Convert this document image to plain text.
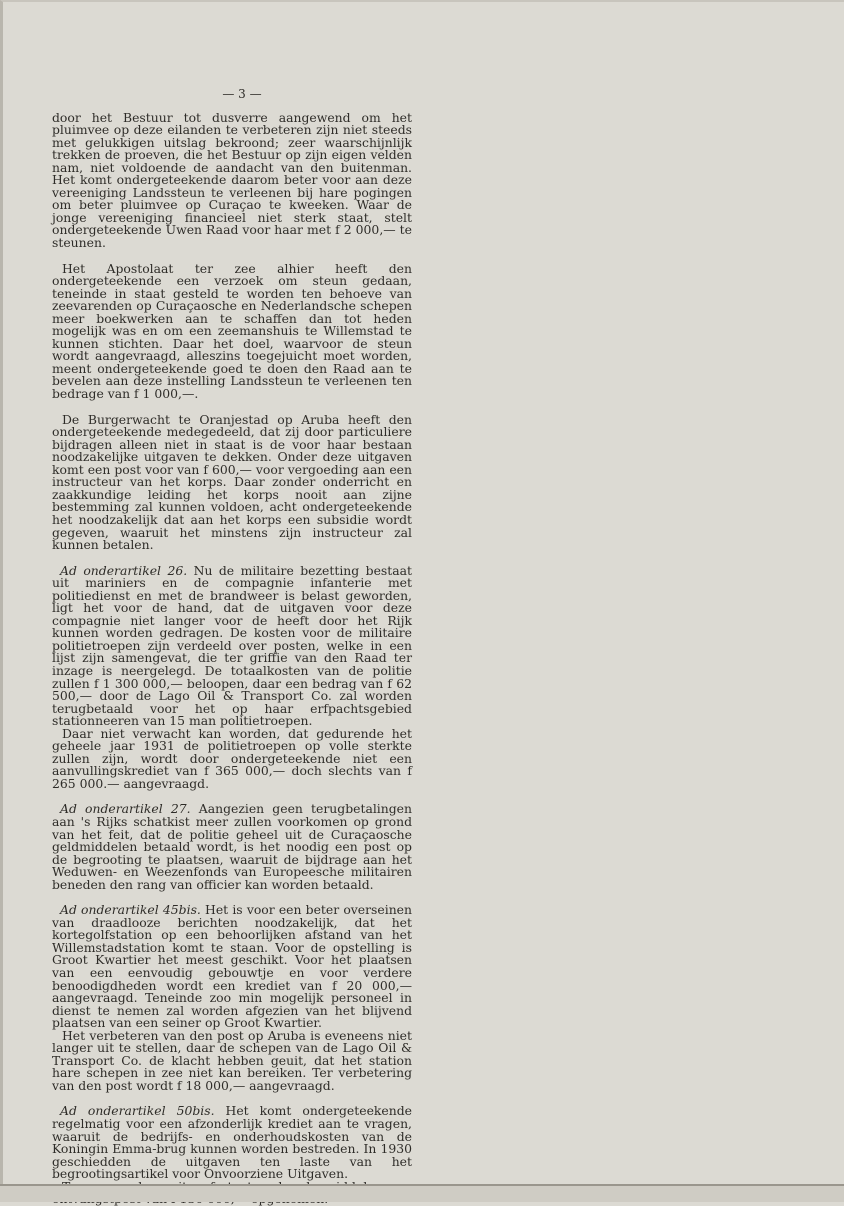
— 3 —

door het Bestuur tot dusverre aangewend om het pluimvee op deze eilanden te verbeteren zijn niet steeds met gelukkigen uitslag bekroond; zeer waarschijnlijk trekken de proeven, die het Bestuur op zijn eigen velden nam, niet voldoende de aandacht van den buitenman. Het komt ondergeteekende daarom beter voor aan deze vereeniging Landssteun te verleenen bij hare pogingen om beter pluimvee op Curaçao te kweeken. Waar de jonge vereeniging financieel niet sterk staat, stelt ondergeteekende Uwen Raad voor haar met f 2 000,— te steunen.

Het Apostolaat ter zee alhier heeft den ondergeteekende een verzoek om steun gedaan, teneinde in staat gesteld te worden ten behoeve van zeevarenden op Curaçaosche en Nederlandsche schepen meer boekwerken aan te schaffen dan tot heden mogelijk was en om een zeemanshuis te Willemstad te kunnen stichten. Daar het doel, waarvoor de steun wordt aangevraagd, alleszins toegejuicht moet worden, meent ondergeteekende goed te doen den Raad aan te bevelen aan deze instelling Landssteun te verleenen ten bedrage van f 1 000,—.

De Burgerwacht te Oranjestad op Aruba heeft den ondergeteekende medegedeeld, dat zij door particuliere bijdragen alleen niet in staat is de voor haar bestaan noodzakelijke uitgaven te dekken. Onder deze uitgaven komt een post voor van f 600,— voor vergoeding aan een instructeur van het korps. Daar zonder onderricht en zaakkundige leiding het korps nooit aan zijne bestemming zal kunnen voldoen, acht ondergeteekende het noodzakelijk dat aan het korps een subsidie wordt gegeven, waaruit het minstens zijn instructeur zal kunnen betalen.

Ad onderartikel 26. Nu de militaire bezetting bestaat uit mariniers en de compagnie infanterie met politiedienst en met de brandweer is belast geworden, ligt het voor de hand, dat de uitgaven voor deze compagnie niet langer voor de heeft door het Rijk kunnen worden gedragen. De kosten voor de militaire politietroepen zijn verdeeld over posten, welke in een lijst zijn samengevat, die ter griffie van den Raad ter inzage is neergelegd. De totaalkosten van de politie zullen f 1 300 000,— beloopen, daar een bedrag van f 62 500,— door de Lago Oil & Transport Co. zal worden terugbetaald voor het op haar erfpachtsgebied stationneeren van 15 man politietroepen.

Daar niet verwacht kan worden, dat gedurende het geheele jaar 1931 de politietroepen op volle sterkte zullen zijn, wordt door ondergeteekende niet een aanvullingskrediet van f 365 000,— doch slechts van f 265 000.— aangevraagd.

Ad onderartikel 27. Aangezien geen terugbetalingen aan 's Rijks schatkist meer zullen voorkomen op grond van het feit, dat de politie geheel uit de Curaçaosche geldmiddelen betaald wordt, is het noodig een post op de begrooting te plaatsen, waaruit de bijdrage aan het Weduwen- en Weezenfonds van Europeesche militairen beneden den rang van officier kan worden betaald.

Ad onderartikel 45bis. Het is voor een beter overseinen van draadlooze berichten noodzakelijk, dat het kortegolfstation op een behoorlijken afstand van het Willemstadstation komt te staan. Voor de opstelling is Groot Kwartier het meest geschikt. Voor het plaatsen van een eenvoudig gebouwtje en voor verdere benoodigdheden wordt een krediet van f 20 000,— aangevraagd. Teneinde zoo min mogelijk personeel in dienst te nemen zal worden afgezien van het blijvend plaatsen van een seiner op Groot Kwartier.

Het verbeteren van den post op Aruba is eveneens niet langer uit te stellen, daar de schepen van de Lago Oil & Transport Co. de klacht hebben geuit, dat het station hare schepen in zee niet kan bereiken. Ter verbetering van den post wordt f 18 000,— aangevraagd.

Ad onderartikel 50bis. Het komt ondergeteekende regelmatig voor een afzonderlijk krediet aan te vragen, waaruit de bedrijfs- en onderhoudskosten van de Koningin Emma-brug kunnen worden bestreden. In 1930 geschiedden de uitgaven ten laste van het begrootingsartikel voor Onvoorziene Uitgaven.
